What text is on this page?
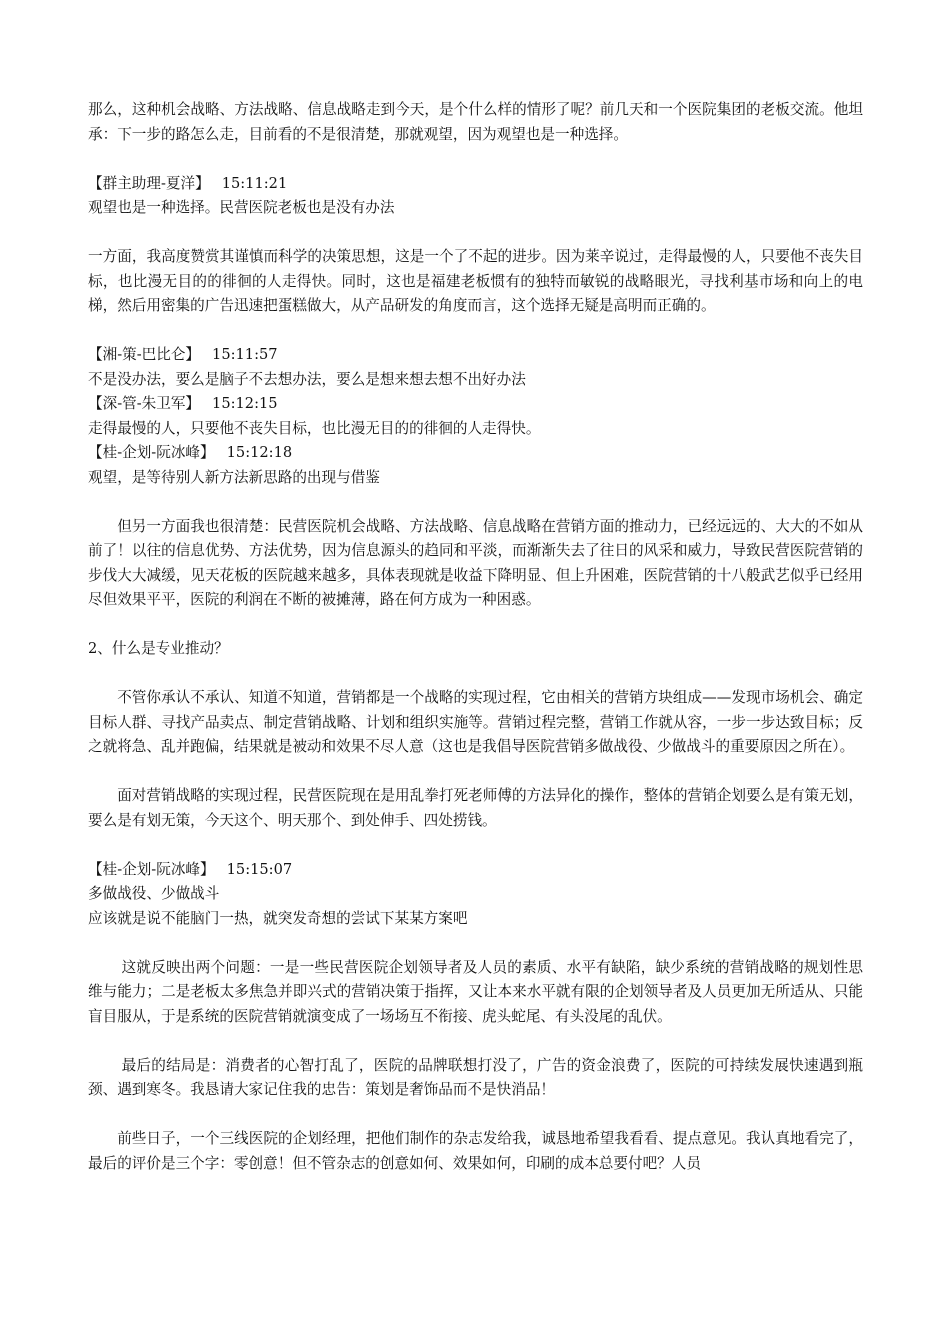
那么，这种机会战略、方法战略、信息战略走到今天，是个什么样的情形了呢？前几天和一个医院集团的老板交流。他坦承：下一步的路怎么走，目前看的不是很清楚，那就观望，因为观望也是一种选择。

【群主助理-夏洋】 15:11:21
观望也是一种选择。民营医院老板也是没有办法

一方面，我高度赞赏其谨慎而科学的决策思想，这是一个了不起的进步。因为莱辛说过，走得最慢的人，只要他不丧失目标，也比漫无目的的徘徊的人走得快。同时，这也是福建老板惯有的独特而敏锐的战略眼光，寻找利基市场和向上的电梯，然后用密集的广告迅速把蛋糕做大，从产品研发的角度而言，这个选择无疑是高明而正确的。

【湘-策-巴比仑】 15:11:57
不是没办法，要么是脑子不去想办法，要么是想来想去想不出好办法
【深-管-朱卫军】 15:12:15
走得最慢的人，只要他不丧失目标，也比漫无目的的徘徊的人走得快。
【桂-企划-阮冰峰】 15:12:18
观望，是等待别人新方法新思路的出现与借鉴

但另一方面我也很清楚：民营医院机会战略、方法战略、信息战略在营销方面的推动力，已经远远的、大大的不如从前了！以往的信息优势、方法优势，因为信息源头的趋同和平淡，而渐渐失去了往日的风采和威力，导致民营医院营销的步伐大大减缓，见天花板的医院越来越多，具体表现就是收益下降明显、但上升困难，医院营销的十八般武艺似乎已经用尽但效果平平，医院的利润在不断的被摊薄，路在何方成为一种困惑。

2、什么是专业推动？

不管你承认不承认、知道不知道，营销都是一个战略的实现过程，它由相关的营销方块组成——发现市场机会、确定目标人群、寻找产品卖点、制定营销战略、计划和组织实施等。营销过程完整，营销工作就从容，一步一步达致目标；反之就将急、乱并跑偏，结果就是被动和效果不尽人意（这也是我倡导医院营销多做战役、少做战斗的重要原因之所在）。

面对营销战略的实现过程，民营医院现在是用乱拳打死老师傅的方法异化的操作，整体的营销企划要么是有策无划，要么是有划无策，今天这个、明天那个、到处伸手、四处捞钱。

【桂-企划-阮冰峰】 15:15:07
多做战役、少做战斗
应该就是说不能脑门一热，就突发奇想的尝试下某某方案吧

这就反映出两个问题：一是一些民营医院企划领导者及人员的素质、水平有缺陷，缺少系统的营销战略的规划性思维与能力；二是老板太多焦急并即兴式的营销决策于指挥，又让本来水平就有限的企划领导者及人员更加无所适从、只能盲目服从，于是系统的医院营销就演变成了一场场互不衔接、虎头蛇尾、有头没尾的乱伏。

最后的结局是：消费者的心智打乱了，医院的品牌联想打没了，广告的资金浪费了，医院的可持续发展快速遇到瓶颈、遇到寒冬。我恳请大家记住我的忠告：策划是奢饰品而不是快消品！

前些日子，一个三线医院的企划经理，把他们制作的杂志发给我，诚恳地希望我看看、提点意见。我认真地看完了，最后的评价是三个字：零创意！但不管杂志的创意如何、效果如何，印刷的成本总要付吧？人员
